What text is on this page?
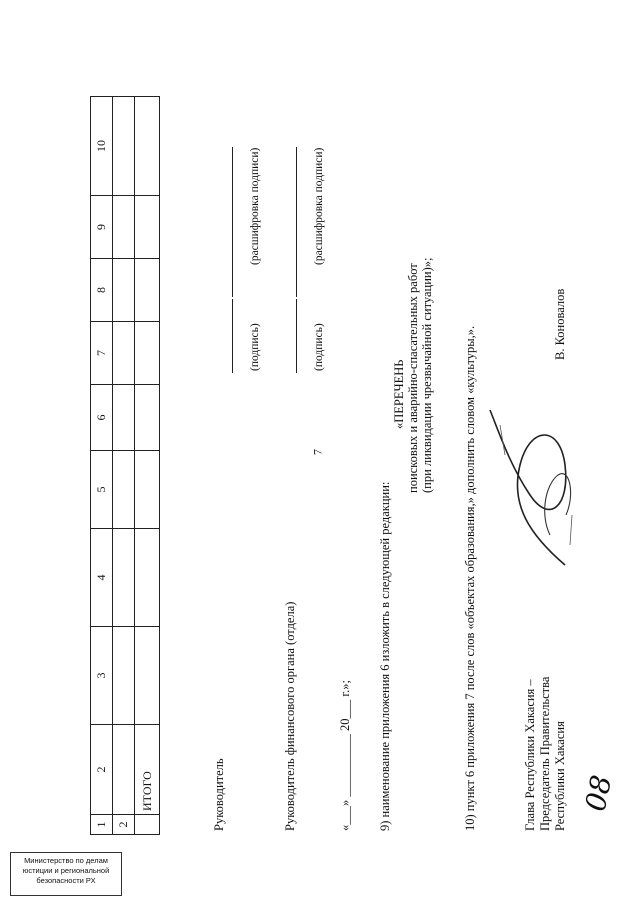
Министерство по делам
юстиции и региональной
безопасности РХ
7
1	2	3	4	5	6	7	8	9	10
2									
	ИТОГО									Руководитель
(подпись)
(расшифровка подписи)
Руководитель финансового органа (отдела)
(подпись)
(расшифровка подписи)
«___» __________ 20___ г.»; 9) наименование приложения 6 изложить в следующей редакции:
«ПЕРЕЧЕНЬ поисковых и аварийно-спасательных работ (при ликвидации чрезвычайной ситуации)»; 10) пункт 6 приложения 7 после слов «объектах образования,» дополнить словом «культуры,».	Глава Республики Хакасия – Председатель Правительства Республики Хакасия
В. Коновалов
08
